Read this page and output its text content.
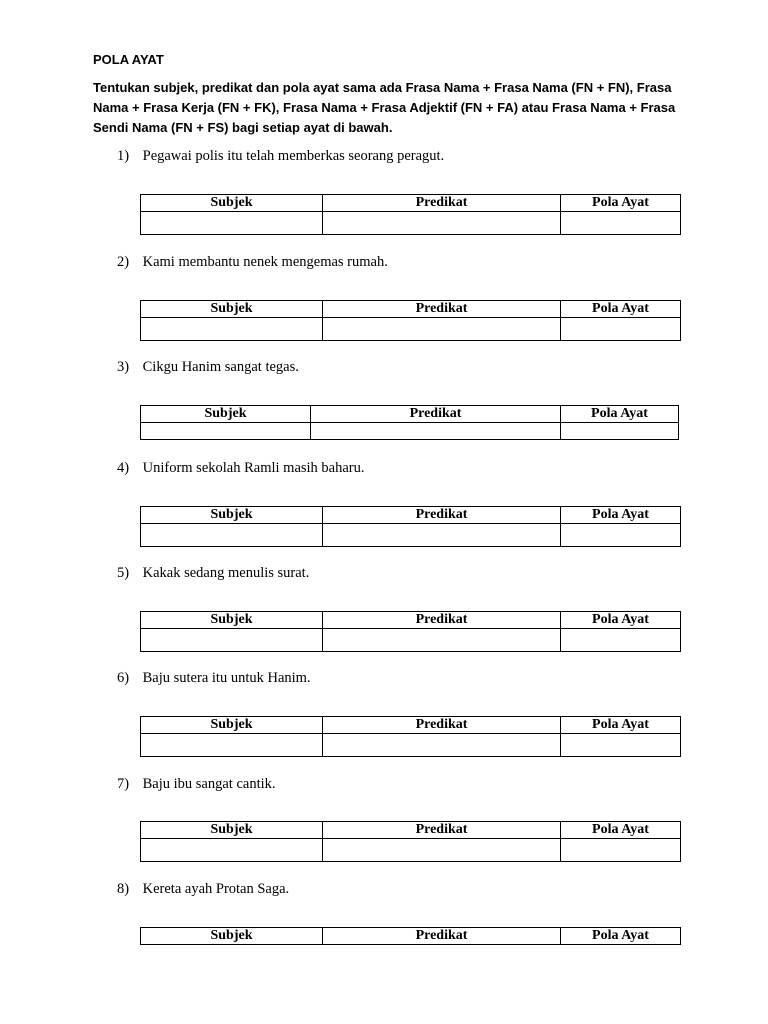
POLA AYAT

Tentukan subjek, predikat dan pola ayat sama ada Frasa Nama + Frasa Nama (FN + FN), Frasa Nama + Frasa Kerja (FN + FK), Frasa Nama + Frasa Adjektif (FN + FA) atau Frasa Nama + Frasa Sendi Nama (FN + FS) bagi setiap ayat di bawah.

1) Pegawai polis itu telah memberkas seorang peragut.
Subjek	Predikat	Pola Ayat

2) Kami membantu nenek mengemas rumah.
Subjek	Predikat	Pola Ayat

3) Cikgu Hanim sangat tegas.
Subjek	Predikat	Pola Ayat

4) Uniform sekolah Ramli masih baharu.
Subjek	Predikat	Pola Ayat

5) Kakak sedang menulis surat.
Subjek	Predikat	Pola Ayat

6) Baju sutera itu untuk Hanim.
Subjek	Predikat	Pola Ayat

7) Baju ibu sangat cantik.
Subjek	Predikat	Pola Ayat

8) Kereta ayah Protan Saga.
Subjek	Predikat	Pola Ayat
